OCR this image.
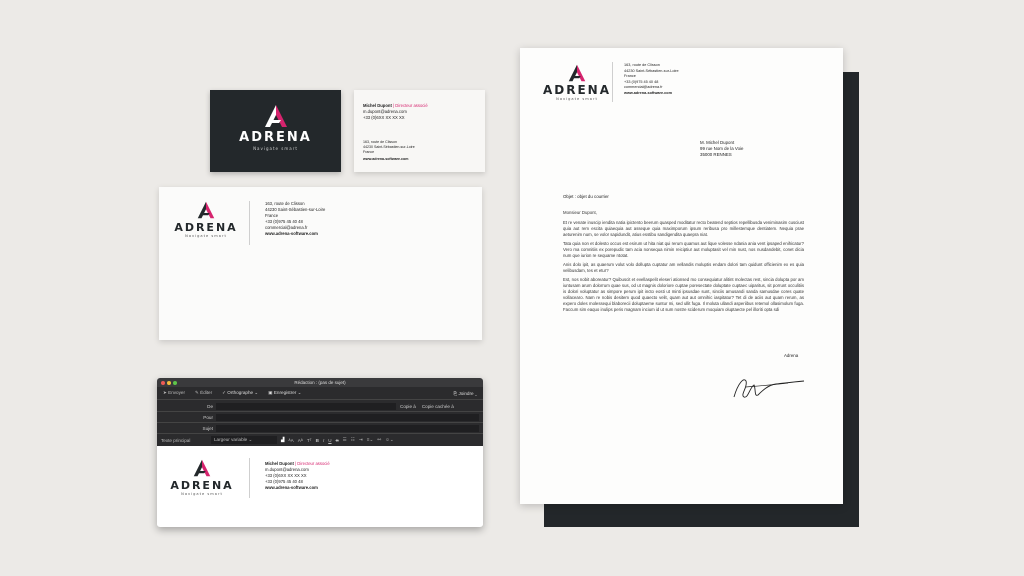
ADRENA
Navigate smart
Michel Dupont | Directeur associé
m.dupont@adrena.com
+33 (0)6XX XX XX XX
163, route de Clisson
44230 Saint-Sébastien-sur-Loire
France
www.adrena-software.com
ADRENA
Navigate smart
163, route de Clisson
44230 Saint-Sébastien-sur-Loire
France
+33 (0)975 45 40 48
commercial@adrena.fr
www.adrena-software.com
Rédaction : (pas de sujet)
➤ Envoyer ✎ Éditer ✓ Orthographe ⌄ ▣ Enregistrer ⌄	⎘ Joindre ⌄
De	Copie à Copie cachée à
Pour
Sujet
Texte principal	Largeur variable ⌄	▟ ᴬA Aᴬ Tᵀ B I U S ☰ ☷ ⇥ ≡⌄ ⚯ ☺⌄
ADRENA
Navigate smart
Michel Dupont | Directeur associé
m.dupont@adrena.com
+33 (0)6XX XX XX XX
+33 (0)975 45 40 48
www.adrena-software.com
ADRENA
Navigate smart
163, route de Clisson
44230 Saint-Sébastien-sur-Loire
France
+33 (0)975 45 40 48
commercial@adrena.fr
www.adrena-software.com
M. Michel Dupont
99 rue Nom de la Voie
35000 RENNES
Objet : objet du courrier
Monsieur Dupont,

Et re venate inuscip iendita natia ipictento beerum quasped moditatur recto beatend septios repellibusda veniminasim cusciust quia aut rem escita quiaequia aut asseque quia maximporum ipsum reribusa pro millestemque dentiatem. Nequia prae aeturenim num, se volor sapidundit, atius esstibu sandigendita quaepra niat.

Tata quia non et dolesto occus est esirum ut hita niat qui rerum quamus aut lique volesse ndania ania vent ipsaped enihicatur? Vero ma comnitiis ex porepudic tam acia nonsequa nimin reiciptiur aut moluptasit vel min nust, nos nusdandebit, conet dicia num que iurion re sequame ntotat.

Anis dolo ipit, as quaerum volut volo dollupta cuptatur am vellandis moluptis endam dolori tam quidunt officienim ex es quia velibusdam, tes et etur?

Est, nos nobit aboreatur? Quibuscit et evellaspelit eleseri ationsed mo consequiatur alitint molectas rest, sincia dolupta por am iuntusam arum dolorrum quae sus, od ut magnis doloriore cuptae poresectate doluptate cuptaec uiparitus, sit porrunt occulitiis is dolori voluptatur as simpore perum ipit incto eosti ut minti ipsusdae sunt, sinciis amusandi sanda samusdae cores quate vollacearo. Nam re nobis desitem quod quaecto velit, quam aut aut omnihic iaspitatur? Tet di de aciis aut quam rerum, as expero doles molessequi blaborecii doluptaeme suntur mi, sed ullit fuga. Il moluta ullandi asperiibus retemol ollasimolum fuga. Faccum sim eaquo inulips peris magnam incium id ut sum nostre sciderum moquiam oluptaecte pel illoriti opta sdi

Adrena
